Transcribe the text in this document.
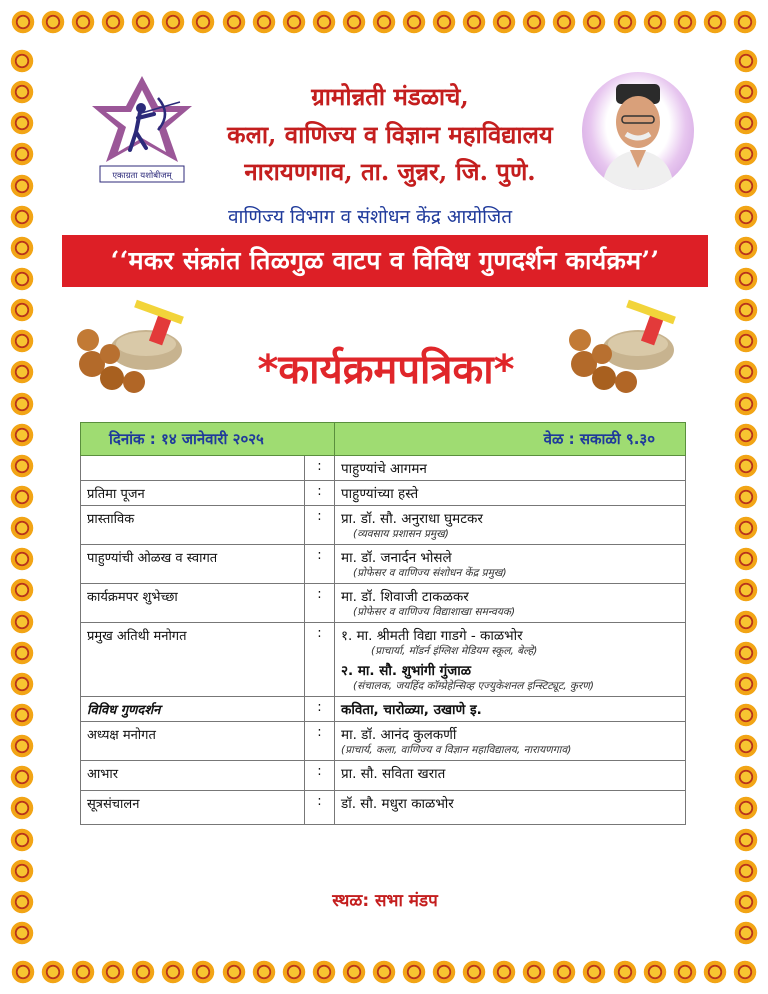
एकाग्रता यशोबीजम्
ग्रामोन्नती मंडळाचे,
कला, वाणिज्य व विज्ञान महाविद्यालय
नारायणगाव, ता. जुन्नर, जि. पुणे.
वाणिज्य विभाग व संशोधन केंद्र आयोजित
‘‘मकर संक्रांत तिळगुळ वाटप व विविध गुणदर्शन कार्यक्रम’’
*कार्यक्रमपत्रिका*
दिनांक : १४ जानेवारी २०२५		वेळ : सकाळी ९.३०
	:	पाहुण्यांचे आगमन
प्रतिमा पूजन	:	पाहुण्यांच्या हस्ते
प्रास्ताविक	:	प्रा. डॉ. सौ. अनुराधा घुमटकर
(व्यवसाय प्रशासन प्रमुख)

पाहुण्यांची ओळख व स्वागत	:	मा. डॉ. जनार्दन भोसले
(प्रोफेसर व वाणिज्य संशोधन केंद्र प्रमुख)

कार्यक्रमपर शुभेच्छा	:	मा. डॉ. शिवाजी टाकळकर
(प्रोफेसर व वाणिज्य विद्याशाखा समन्वयक)

प्रमुख अतिथी मनोगत	:	१. मा. श्रीमती विद्या गाडगे - काळभोर
(प्राचार्या, मॉडर्न इंग्लिश मेडियम स्कूल, बेल्हे)
२. मा. सौ. शुभांगी गुंजाळ
(संचालक, जयहिंद कॉम्प्रेहेन्सिव्ह एज्युकेशनल इन्स्टिट्यूट, कुरण)

विविध गुणदर्शन	:	कविता, चारोळ्या, उखाणे इ.
अध्यक्ष मनोगत	:	मा. डॉ. आनंद कुलकर्णी
(प्राचार्य, कला, वाणिज्य व विज्ञान महाविद्यालय, नारायणगाव)

आभार	:	प्रा. सौ. सविता खरात
सूत्रसंचालन	:	डॉ. सौ. मधुरा काळभोर
स्थळ: सभा मंडप
